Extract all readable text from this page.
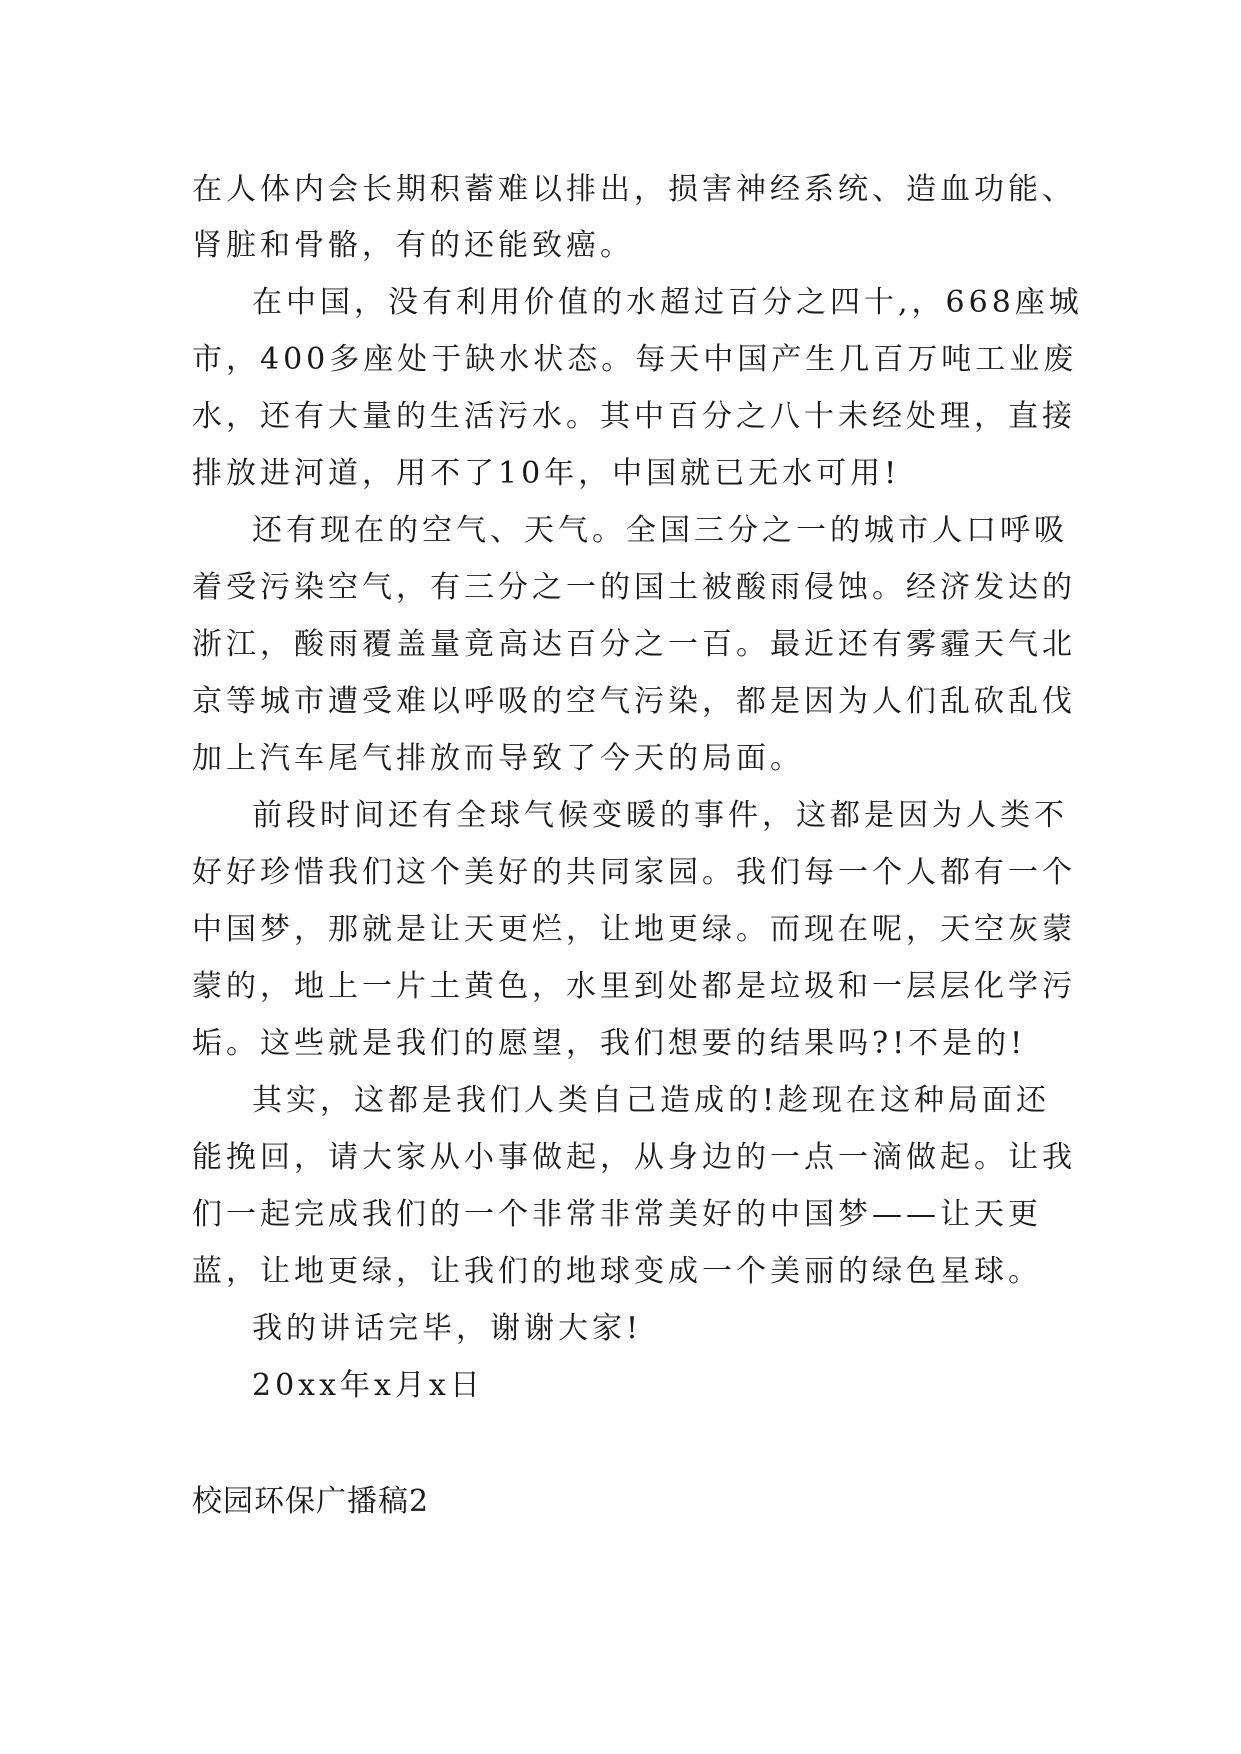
在人体内会长期积蓄难以排出，损害神经系统、造血功能、
肾脏和骨骼，有的还能致癌。
在中国，没有利用价值的水超过百分之四十,，668座城
市，400多座处于缺水状态。每天中国产生几百万吨工业废
水，还有大量的生活污水。其中百分之八十未经处理，直接
排放进河道，用不了10年，中国就已无水可用!
还有现在的空气、天气。全国三分之一的城市人口呼吸
着受污染空气，有三分之一的国土被酸雨侵蚀。经济发达的
浙江，酸雨覆盖量竟高达百分之一百。最近还有雾霾天气北
京等城市遭受难以呼吸的空气污染，都是因为人们乱砍乱伐
加上汽车尾气排放而导致了今天的局面。
前段时间还有全球气候变暖的事件，这都是因为人类不
好好珍惜我们这个美好的共同家园。我们每一个人都有一个
中国梦，那就是让天更烂，让地更绿。而现在呢，天空灰蒙
蒙的，地上一片土黄色，水里到处都是垃圾和一层层化学污
垢。这些就是我们的愿望，我们想要的结果吗?!不是的!
其实，这都是我们人类自己造成的!趁现在这种局面还
能挽回，请大家从小事做起，从身边的一点一滴做起。让我
们一起完成我们的一个非常非常美好的中国梦——让天更
蓝，让地更绿，让我们的地球变成一个美丽的绿色星球。
我的讲话完毕，谢谢大家!
20xx年x月x日
校园环保广播稿2
